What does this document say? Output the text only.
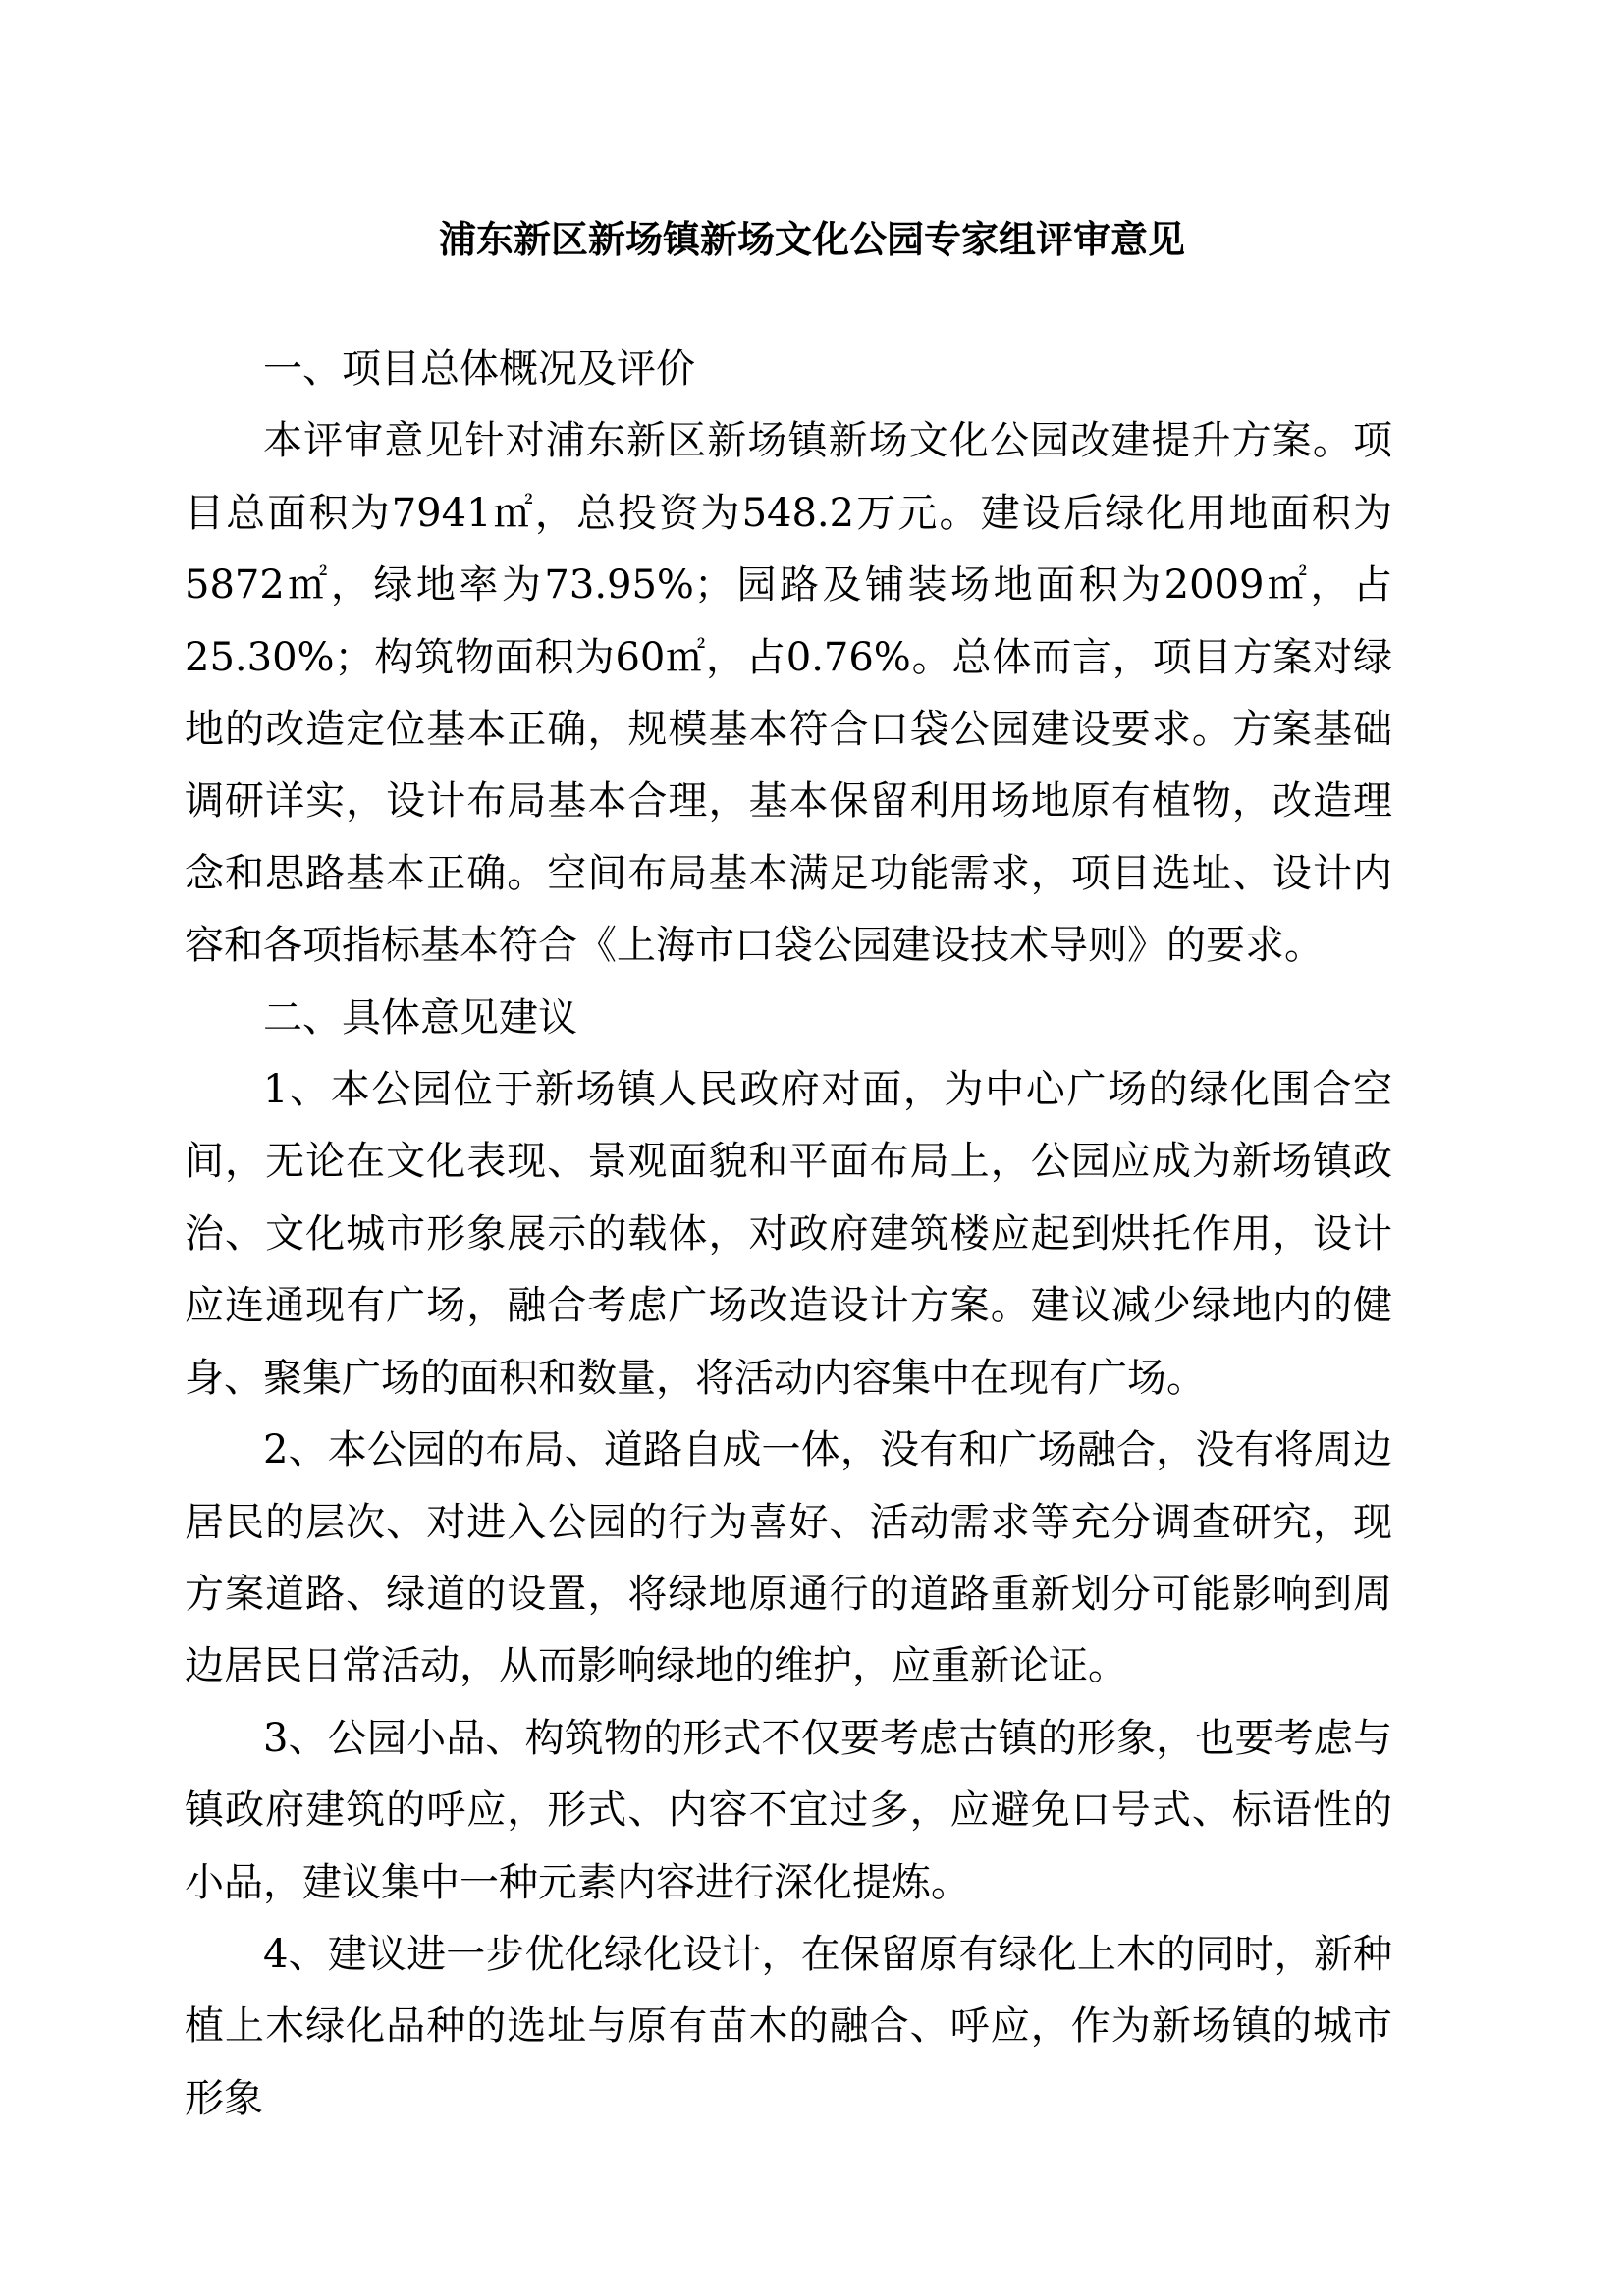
浦东新区新场镇新场文化公园专家组评审意见

一、项目总体概况及评价

本评审意见针对浦东新区新场镇新场文化公园改建提升方案。项目总面积为7941㎡，总投资为548.2万元。建设后绿化用地面积为5872㎡，绿地率为73.95%；园路及铺装场地面积为2009㎡，占25.30%；构筑物面积为60㎡，占0.76%。总体而言，项目方案对绿地的改造定位基本正确，规模基本符合口袋公园建设要求。方案基础调研详实，设计布局基本合理，基本保留利用场地原有植物，改造理念和思路基本正确。空间布局基本满足功能需求，项目选址、设计内容和各项指标基本符合《上海市口袋公园建设技术导则》的要求。

二、具体意见建议

1、本公园位于新场镇人民政府对面，为中心广场的绿化围合空间，无论在文化表现、景观面貌和平面布局上，公园应成为新场镇政治、文化城市形象展示的载体，对政府建筑楼应起到烘托作用，设计应连通现有广场，融合考虑广场改造设计方案。建议减少绿地内的健身、聚集广场的面积和数量，将活动内容集中在现有广场。

2、本公园的布局、道路自成一体，没有和广场融合，没有将周边居民的层次、对进入公园的行为喜好、活动需求等充分调查研究，现方案道路、绿道的设置，将绿地原通行的道路重新划分可能影响到周边居民日常活动，从而影响绿地的维护，应重新论证。

3、公园小品、构筑物的形式不仅要考虑古镇的形象，也要考虑与镇政府建筑的呼应，形式、内容不宜过多，应避免口号式、标语性的小品，建议集中一种元素内容进行深化提炼。

4、建议进一步优化绿化设计，在保留原有绿化上木的同时，新种植上木绿化品种的选址与原有苗木的融合、呼应，作为新场镇的城市形象
